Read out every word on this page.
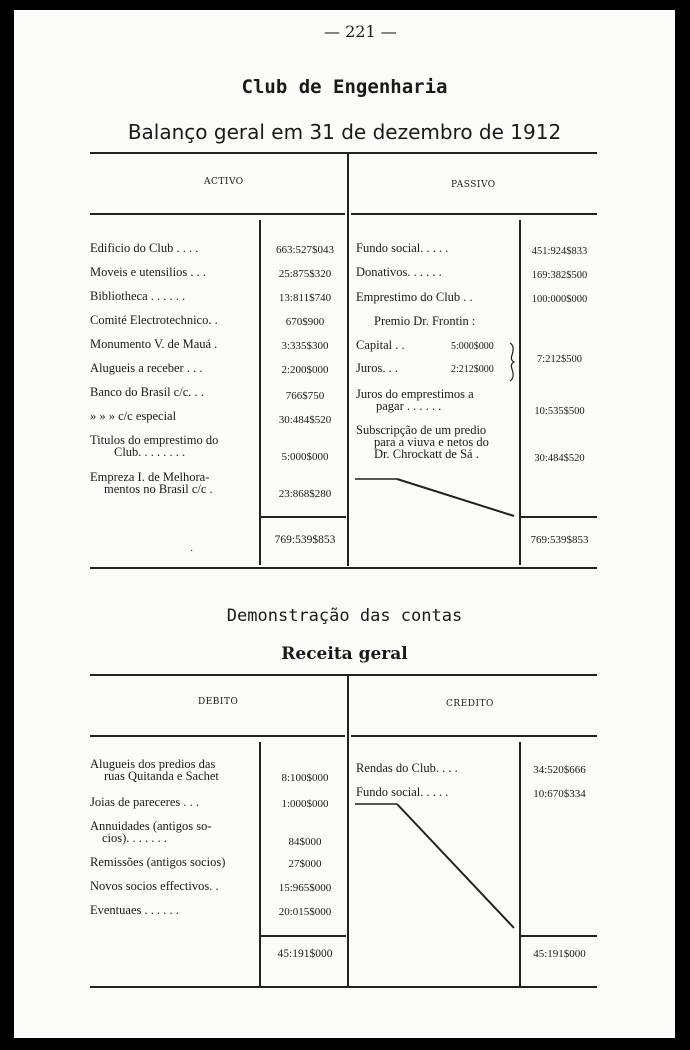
— 221 —
Club de Engenharia
Balanço geral em 31 de dezembro de 1912
ACTIVO	PASSIVO
Edificio do Club . . . .	663:527$043
Moveis e utensilios . . .	25:875$320
Bibliotheca . . . . . .	13:811$740
Comité Electrotechnico. .	670$900
Monumento V. de Mauá .	3:335$300
Alugueis a receber . . .	2:200$000
Banco do Brasil c/c. . .	766$750
» » » c/c especial	30:484$520
Titulos do emprestimo do
Club. . . . . . . .	5:000$000
Empreza I. de Melhora-
mentos no Brasil c/c .	23:868$280
.
769:539$853
Fundo social. . . . .	451:924$833
Donativos. . . . . .	169:382$500
Emprestimo do Club . .	100:000$000
Premio Dr. Frontin :
Capital . .	5:000$000
Juros. . .	2:212$000
7:212$500
Juros do emprestimos a
pagar . . . . . .	10:535$500
Subscripção de um predio
para a viuva e netos do
Dr. Chrockatt de Sá .	30:484$520
769:539$853
Demonstração das contas
Receita geral
DEBITO	CREDITO
Alugueis dos predios das
ruas Quitanda e Sachet	8:100$000
Joias de pareceres . . .	1:000$000
Annuidades (antigos so-
cios). . . . . . .	84$000
Remissões (antigos socios)	27$000
Novos socios effectivos. .	15:965$000
Eventuaes . . . . . .	20:015$000
45:191$000
Rendas do Club. . . .	34:520$666
Fundo social. . . . .	10:670$334
45:191$000
